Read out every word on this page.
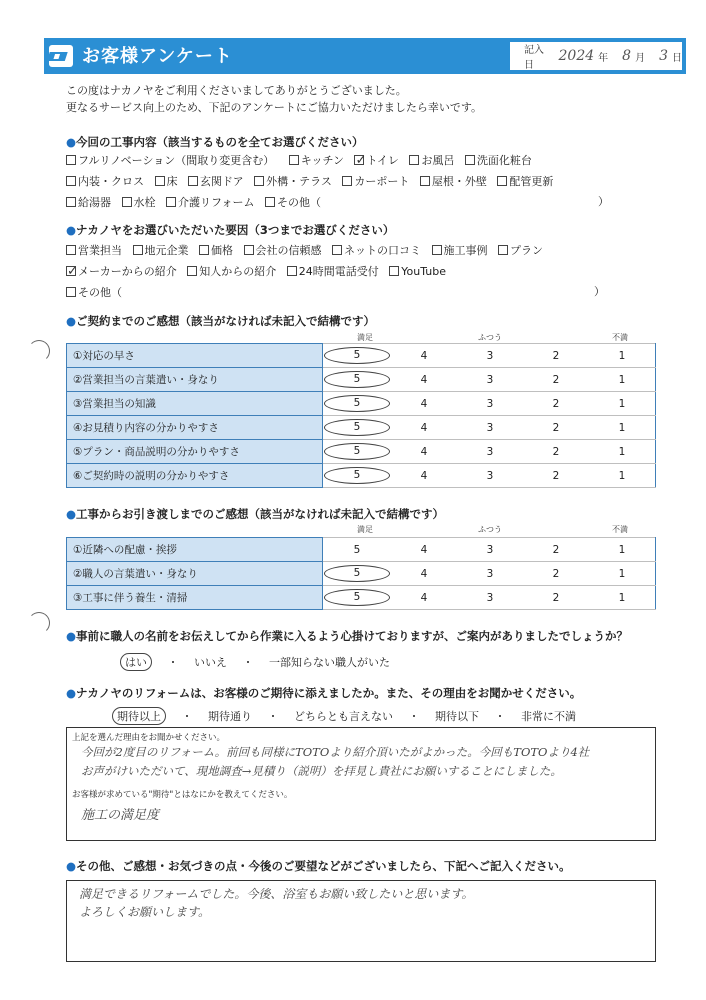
お客様アンケート	記入日
2024 年 8 月 3 日
この度はナカノヤをご利用くださいましてありがとうございました。
更なるサービス向上のため、下記のアンケートにご協力いただけましたら幸いです。
●今回の工事内容（該当するものを全てお選びください）
フルリノベーション（間取り変更含む） キッチン ✓ トイレ お風呂 洗面化粧台
内装・クロス 床 玄関ドア 外構・テラス カーポート 屋根・外壁 配管更新
給湯器 水栓 介護リフォーム その他（	）
●ナカノヤをお選びいただいた要因（3つまでお選びください）
営業担当 地元企業 価格 会社の信頼感 ネットの口コミ 施工事例 プラン
✓メーカーからの紹介 知人からの紹介 24時間電話受付 YouTube
その他（	）
●ご契約までのご感想（該当がなければ未記入で結構です）
満足	ふつう	不満
①対応の早さ	5 4 3 2 1

②営業担当の言葉遣い・身なり	5 4 3 2 1

③営業担当の知識	5 4 3 2 1

④お見積り内容の分かりやすさ	5 4 3 2 1

⑤プラン・商品説明の分かりやすさ	5 4 3 2 1

⑥ご契約時の説明の分かりやすさ	5 4 3 2 1
●工事からお引き渡しまでのご感想（該当がなければ未記入で結構です）
満足	ふつう	不満
①近隣への配慮・挨拶	5 4 3 2 1

②職人の言葉遣い・身なり	5 4 3 2 1

③工事に伴う養生・清掃	5 4 3 2 1
●事前に職人の名前をお伝えしてから作業に入るよう心掛けておりますが、ご案内がありましたでしょうか？
はい ・ いいえ ・ 一部知らない職人がいた
●ナカノヤのリフォームは、お客様のご期待に添えましたか。また、その理由をお聞かせください。
期待以上 ・ 期待通り ・ どちらとも言えない ・ 期待以下 ・ 非常に不満
上記を選んだ理由をお聞かせください。
今回が2度目のリフォーム。前回も同様にTOTOより紹介頂いたがよかった。今回もTOTOより4社
お声がけいただいて、現地調査→見積り（説明）を拝見し貴社にお願いすることにしました。
お客様が求めている"期待"とはなにかを教えてください。
施工の満足度
●その他、ご感想・お気づきの点・今後のご要望などがございましたら、下記へご記入ください。
満足できるリフォームでした。今後、浴室もお願い致したいと思います。
よろしくお願いします。
